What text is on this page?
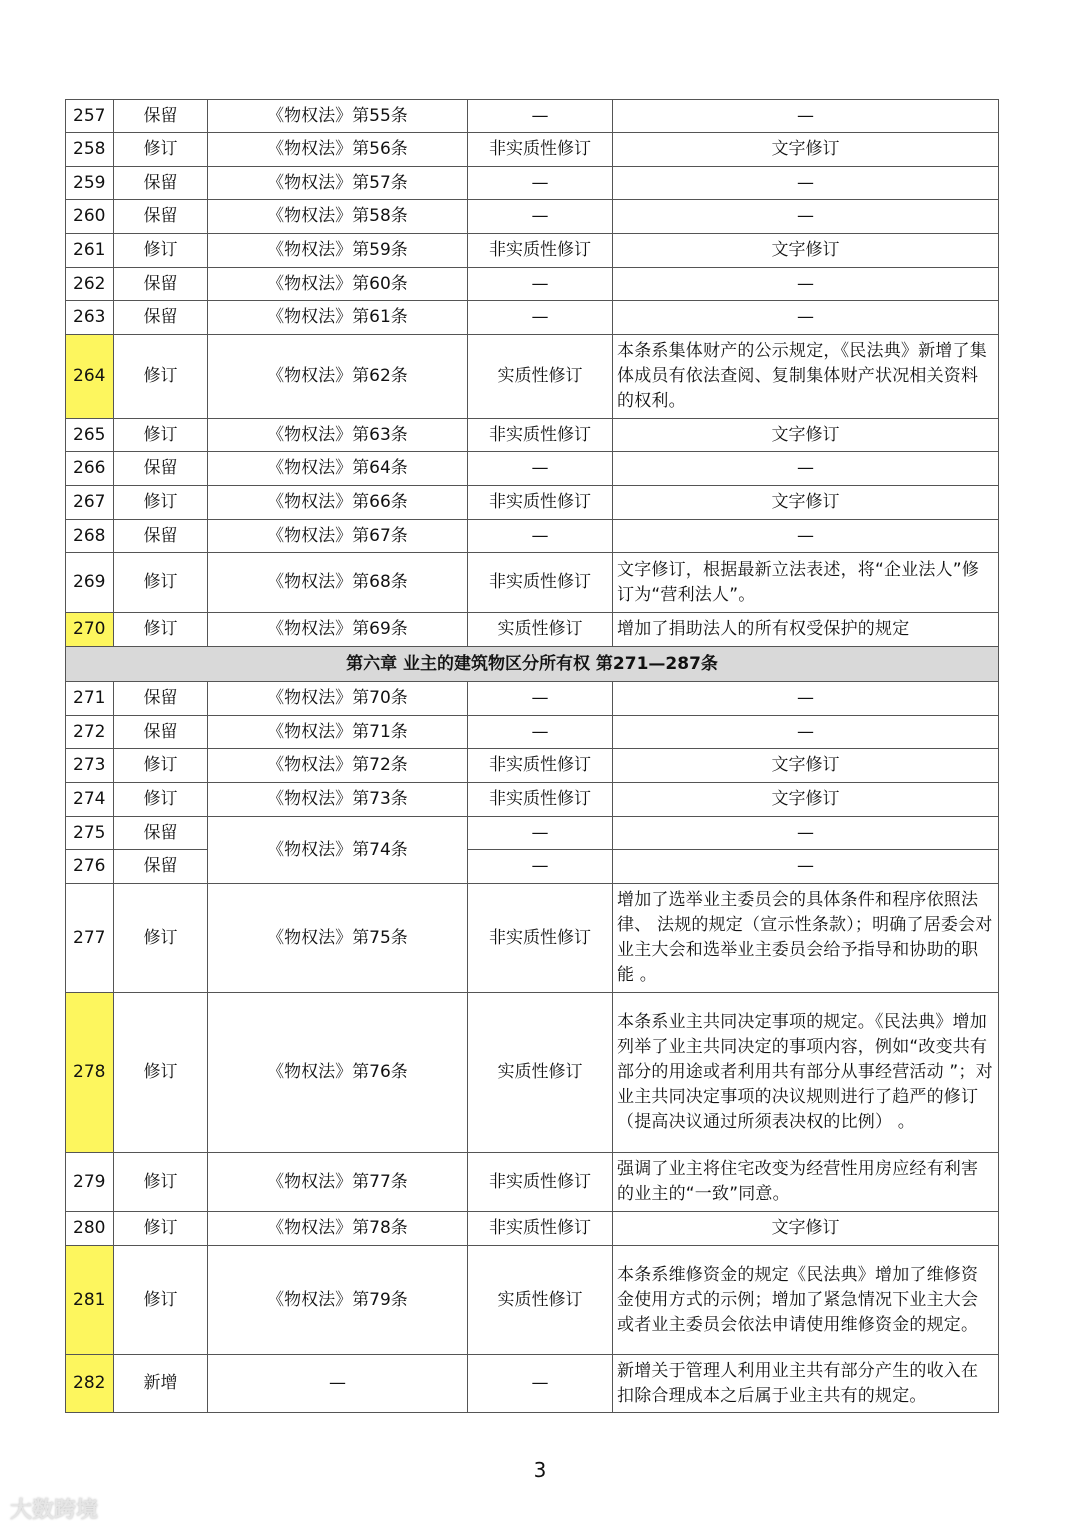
257	保留	《物权法》第55条	—	—
258	修订	《物权法》第56条	非实质性修订	文字修订
259	保留	《物权法》第57条	—	—
260	保留	《物权法》第58条	—	—
261	修订	《物权法》第59条	非实质性修订	文字修订
262	保留	《物权法》第60条	—	—
263	保留	《物权法》第61条	—	—
264	修订	《物权法》第62条	实质性修订	本条系集体财产的公示规定，《民法典》新增了集体成员有依法查阅、复制集体财产状况相关资料的权利。
265	修订	《物权法》第63条	非实质性修订	文字修订
266	保留	《物权法》第64条	—	—
267	修订	《物权法》第66条	非实质性修订	文字修订
268	保留	《物权法》第67条	—	—
269	修订	《物权法》第68条	非实质性修订	文字修订，根据最新立法表述，将“企业法人”修订为“营利法人”。
270	修订	《物权法》第69条	实质性修订	增加了捐助法人的所有权受保护的规定
第六章 业主的建筑物区分所有权 第271—287条				
271	保留	《物权法》第70条	—	—
272	保留	《物权法》第71条	—	—
273	修订	《物权法》第72条	非实质性修订	文字修订
274	修订	《物权法》第73条	非实质性修订	文字修订
275	保留	《物权法》第74条	—	—
276	保留		—	—
277	修订	《物权法》第75条	非实质性修订	增加了选举业主委员会的具体条件和程序依照法律、 法规的规定（宣示性条款）；明确了居委会对业主大会和选举业主委员会给予指导和协助的职能 。
278	修订	《物权法》第76条	实质性修订	本条系业主共同决定事项的规定。《民法典》增加列举了业主共同决定的事项内容，例如“改变共有部分的用途或者利用共有部分从事经营活动 ”；对业主共同决定事项的决议规则进行了趋严的修订（提高决议通过所须表决权的比例） 。
279	修订	《物权法》第77条	非实质性修订	强调了业主将住宅改变为经营性用房应经有利害的业主的“一致”同意。
280	修订	《物权法》第78条	非实质性修订	文字修订
281	修订	《物权法》第79条	实质性修订	本条系维修资金的规定《民法典》增加了维修资金使用方式的示例；增加了紧急情况下业主大会或者业主委员会依法申请使用维修资金的规定。
282	新增	—	—	新增关于管理人利用业主共有部分产生的收入在扣除合理成本之后属于业主共有的规定。
3
大数跨境
